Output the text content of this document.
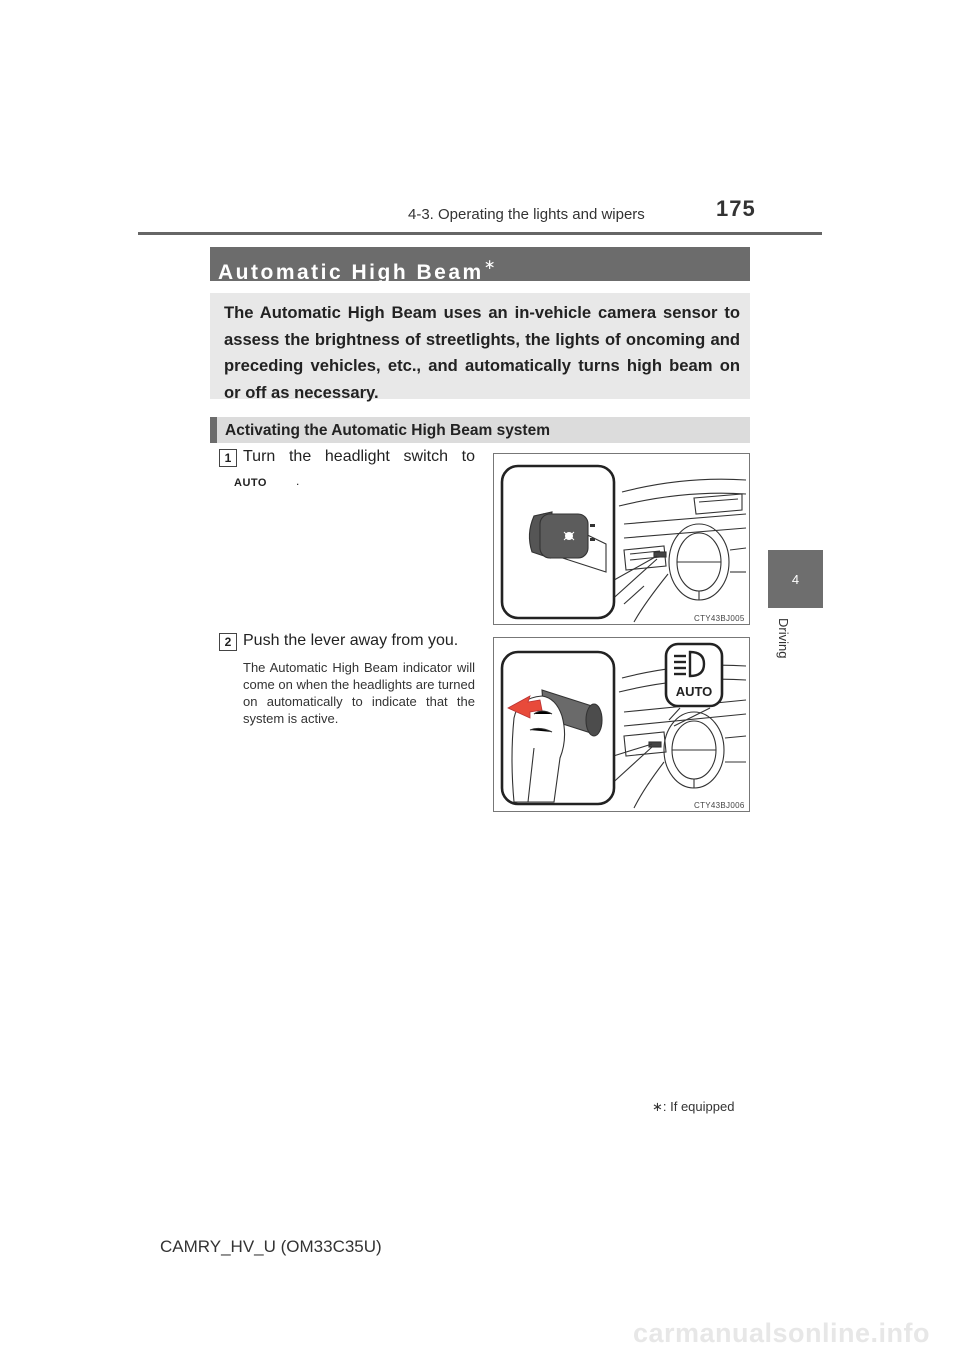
4-3. Operating the lights and wipers	175
4
Driving
Automatic High Beam∗
The Automatic High Beam uses an in-vehicle camera sensor to assess the brightness of streetlights, the lights of oncoming and preceding vehicles, etc., and automatically turns high beam on or off as necessary.
Activating the Automatic High Beam system
1 Turn the headlight switch to
AUTO .
CTY43BJ005
2 Push the lever away from you.
The Automatic High Beam indicator will come on when the headlights are turned on automatically to indicate that the system is active.
AUTO
CTY43BJ006
∗: If equipped
CAMRY_HV_U (OM33C35U)
carmanualsonline.info
